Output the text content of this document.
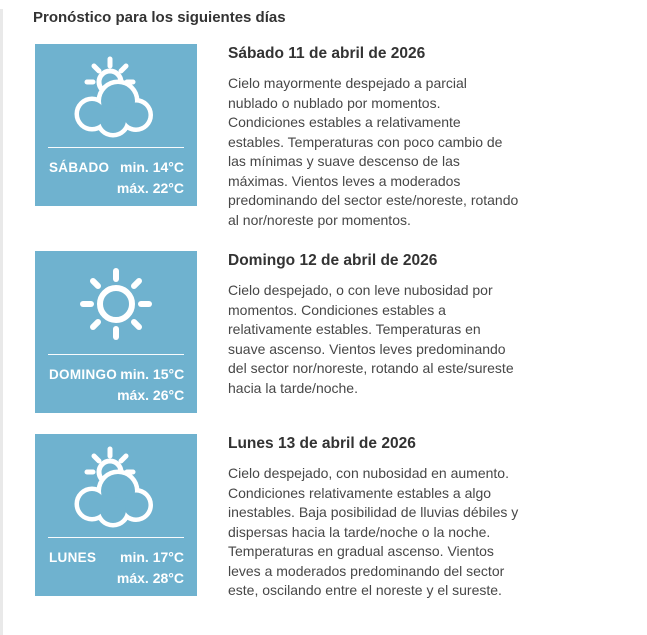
Pronóstico para los siguientes días
SÁBADO min. 14°C
máx. 22°C
Sábado 11 de abril de 2026

Cielo mayormente despejado a parcial nublado o nublado por momentos. Condiciones estables a relativamente estables. Temperaturas con poco cambio de las mínimas y suave descenso de las máximas. Vientos leves a moderados predominando del sector este/noreste, rotando al nor/noreste por momentos.

DOMINGO min. 15°C
máx. 26°C
Domingo 12 de abril de 2026

Cielo despejado, o con leve nubosidad por momentos. Condiciones estables a relativamente estables. Temperaturas en suave ascenso. Vientos leves predominando del sector nor/noreste, rotando al este/sureste hacia la tarde/noche.

LUNES min. 17°C
máx. 28°C
Lunes 13 de abril de 2026

Cielo despejado, con nubosidad en aumento. Condiciones relativamente estables a algo inestables. Baja posibilidad de lluvias débiles y dispersas hacia la tarde/noche o la noche. Temperaturas en gradual ascenso. Vientos leves a moderados predominando del sector este, oscilando entre el noreste y el sureste.
